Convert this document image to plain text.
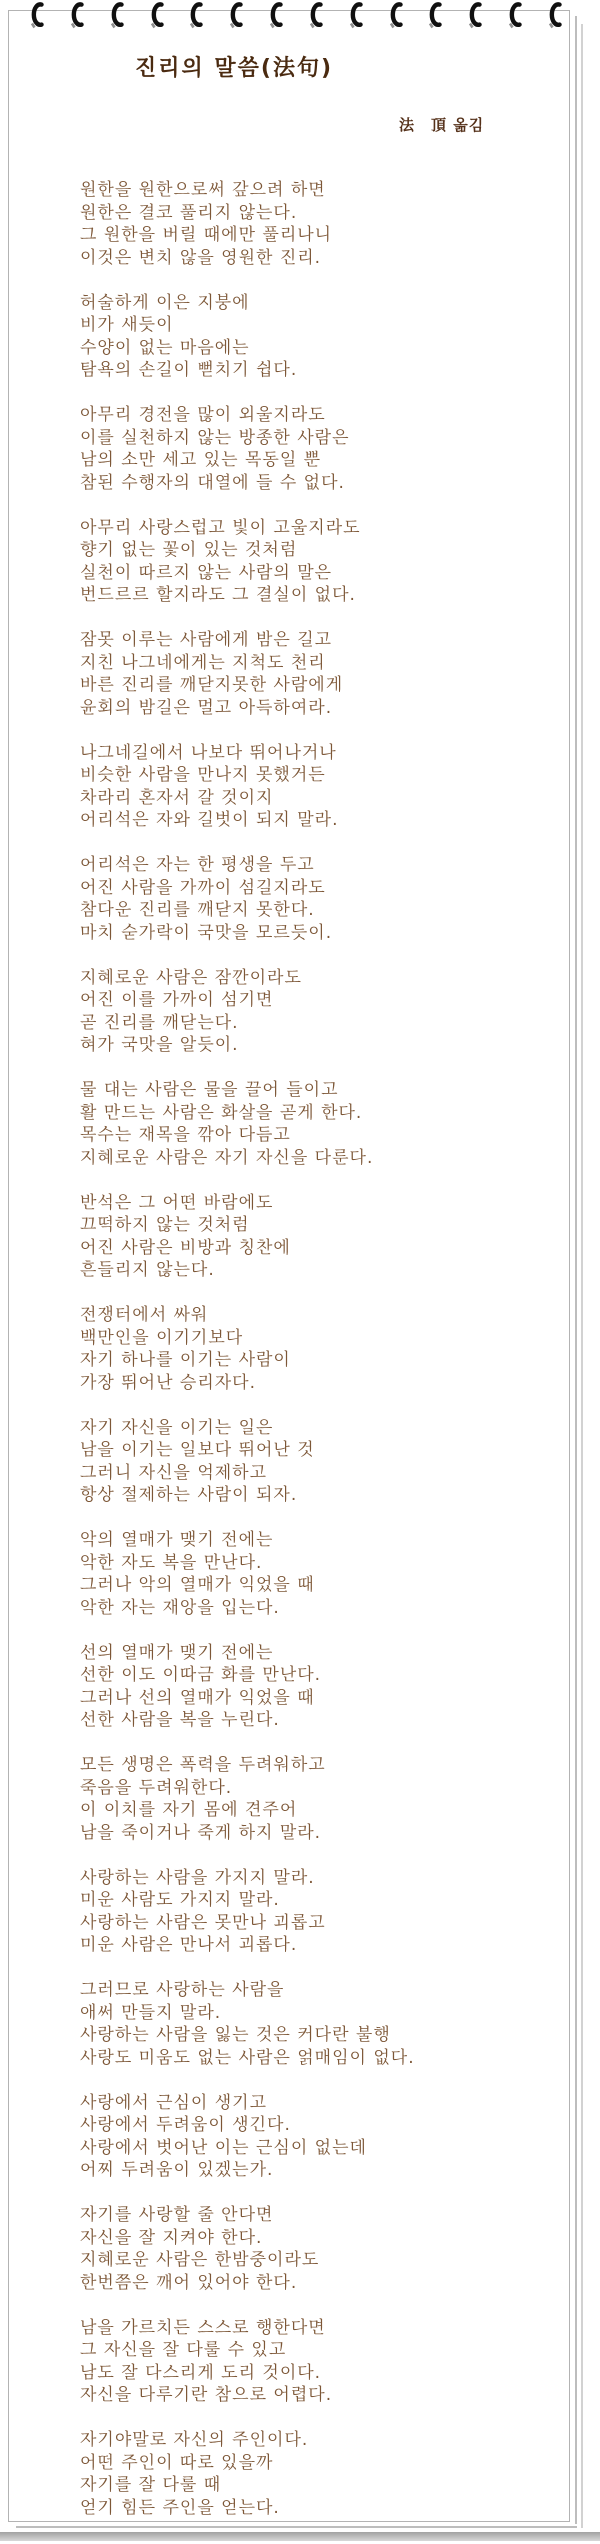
진리의 말씀(法句)
法　頂 옮김

원한을 원한으로써 갚으려 하면
원한은 결코 풀리지 않는다.
그 원한을 버릴 때에만 풀리나니
이것은 변치 않을 영원한 진리.

허술하게 이은 지붕에
비가 새듯이
수양이 없는 마음에는
탐욕의 손길이 뻗치기 쉽다.

아무리 경전을 많이 외울지라도
이를 실천하지 않는 방종한 사람은
남의 소만 세고 있는 목동일 뿐
참된 수행자의 대열에 들 수 없다.

아무리 사랑스럽고 빛이 고울지라도
향기 없는 꽃이 있는 것처럼
실천이 따르지 않는 사람의 말은
번드르르 할지라도 그 결실이 없다.

잠못 이루는 사람에게 밤은 길고
지친 나그네에게는 지척도 천리
바른 진리를 깨닫지못한 사람에게
윤회의 밤길은 멀고 아득하여라.

나그네길에서 나보다 뛰어나거나
비슷한 사람을 만나지 못했거든
차라리 혼자서 갈 것이지
어리석은 자와 길벗이 되지 말라.

어리석은 자는 한 평생을 두고
어진 사람을 가까이 섬길지라도
참다운 진리를 깨닫지 못한다.
마치 숟가락이 국맛을 모르듯이.

지혜로운 사람은 잠깐이라도
어진 이를 가까이 섬기면
곧 진리를 깨닫는다.
혀가 국맛을 알듯이.

물 대는 사람은 물을 끌어 들이고
활 만드는 사람은 화살을 곧게 한다.
목수는 재목을 깎아 다듬고
지혜로운 사람은 자기 자신을 다룬다.

반석은 그 어떤 바람에도
끄떡하지 않는 것처럼
어진 사람은 비방과 칭찬에
흔들리지 않는다.

전쟁터에서 싸워
백만인을 이기기보다
자기 하나를 이기는 사람이
가장 뛰어난 승리자다.

자기 자신을 이기는 일은
남을 이기는 일보다 뛰어난 것
그러니 자신을 억제하고
항상 절제하는 사람이 되자.

악의 열매가 맺기 전에는
악한 자도 복을 만난다.
그러나 악의 열매가 익었을 때
악한 자는 재앙을 입는다.

선의 열매가 맺기 전에는
선한 이도 이따금 화를 만난다.
그러나 선의 열매가 익었을 때
선한 사람을 복을 누린다.

모든 생명은 폭력을 두려워하고
죽음을 두려워한다.
이 이치를 자기 몸에 견주어
남을 죽이거나 죽게 하지 말라.

사랑하는 사람을 가지지 말라.
미운 사람도 가지지 말라.
사랑하는 사람은 못만나 괴롭고
미운 사람은 만나서 괴롭다.

그러므로 사랑하는 사람을
애써 만들지 말라.
사랑하는 사람을 잃는 것은 커다란 불행
사랑도 미움도 없는 사람은 얽매임이 없다.

사랑에서 근심이 생기고
사랑에서 두려움이 생긴다.
사랑에서 벗어난 이는 근심이 없는데
어찌 두려움이 있겠는가.

자기를 사랑할 줄 안다면
자신을 잘 지켜야 한다.
지혜로운 사람은 한밤중이라도
한번쯤은 깨어 있어야 한다.

남을 가르치든 스스로 행한다면
그 자신을 잘 다룰 수 있고
남도 잘 다스리게 도리 것이다.
자신을 다루기란 참으로 어렵다.

자기야말로 자신의 주인이다.
어떤 주인이 따로 있을까
자기를 잘 다룰 때
얻기 힘든 주인을 얻는다.
